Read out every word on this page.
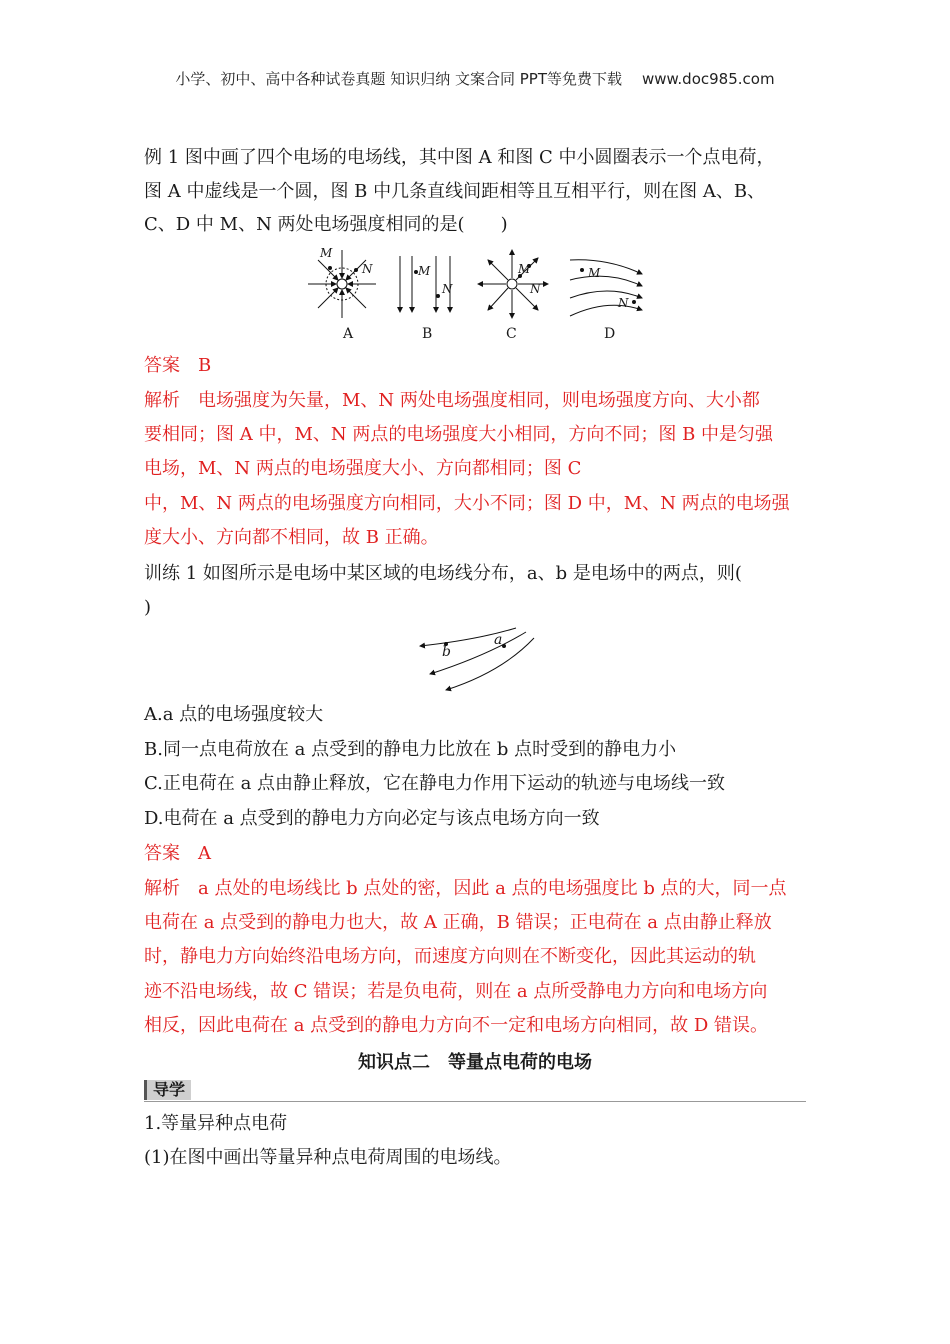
小学、初中、高中各种试卷真题 知识归纳 文案合同 PPT等免费下载 www.doc985.com
例 1 图中画了四个电场的电场线，其中图 A 和图 C 中小圆圈表示一个点电荷，
图 A 中虚线是一个圆，图 B 中几条直线间距相等且互相平行，则在图 A、B、
C、D 中 M、N 两处电场强度相同的是(　　)
M
N
A
M
N
B
M
N
C
M
N
D
答案　B
解析　电场强度为矢量，M、N 两处电场强度相同，则电场强度方向、大小都
要相同；图 A 中，M、N 两点的电场强度大小相同，方向不同；图 B 中是匀强
电场，M、N 两点的电场强度大小、方向都相同；图 C
中，M、N 两点的电场强度方向相同，大小不同；图 D 中，M、N 两点的电场强
度大小、方向都不相同，故 B 正确。
训练 1 如图所示是电场中某区域的电场线分布，a、b 是电场中的两点，则(
)
b
a
A.a 点的电场强度较大
B.同一点电荷放在 a 点受到的静电力比放在 b 点时受到的静电力小
C.正电荷在 a 点由静止释放，它在静电力作用下运动的轨迹与电场线一致
D.电荷在 a 点受到的静电力方向必定与该点电场方向一致
答案　A
解析　a 点处的电场线比 b 点处的密，因此 a 点的电场强度比 b 点的大，同一点
电荷在 a 点受到的静电力也大，故 A 正确，B 错误；正电荷在 a 点由静止释放
时，静电力方向始终沿电场方向，而速度方向则在不断变化，因此其运动的轨
迹不沿电场线，故 C 错误；若是负电荷，则在 a 点所受静电力方向和电场方向
相反，因此电荷在 a 点受到的静电力方向不一定和电场方向相同，故 D 错误。
知识点二　等量点电荷的电场
导学
1.等量异种点电荷
(1)在图中画出等量异种点电荷周围的电场线。
